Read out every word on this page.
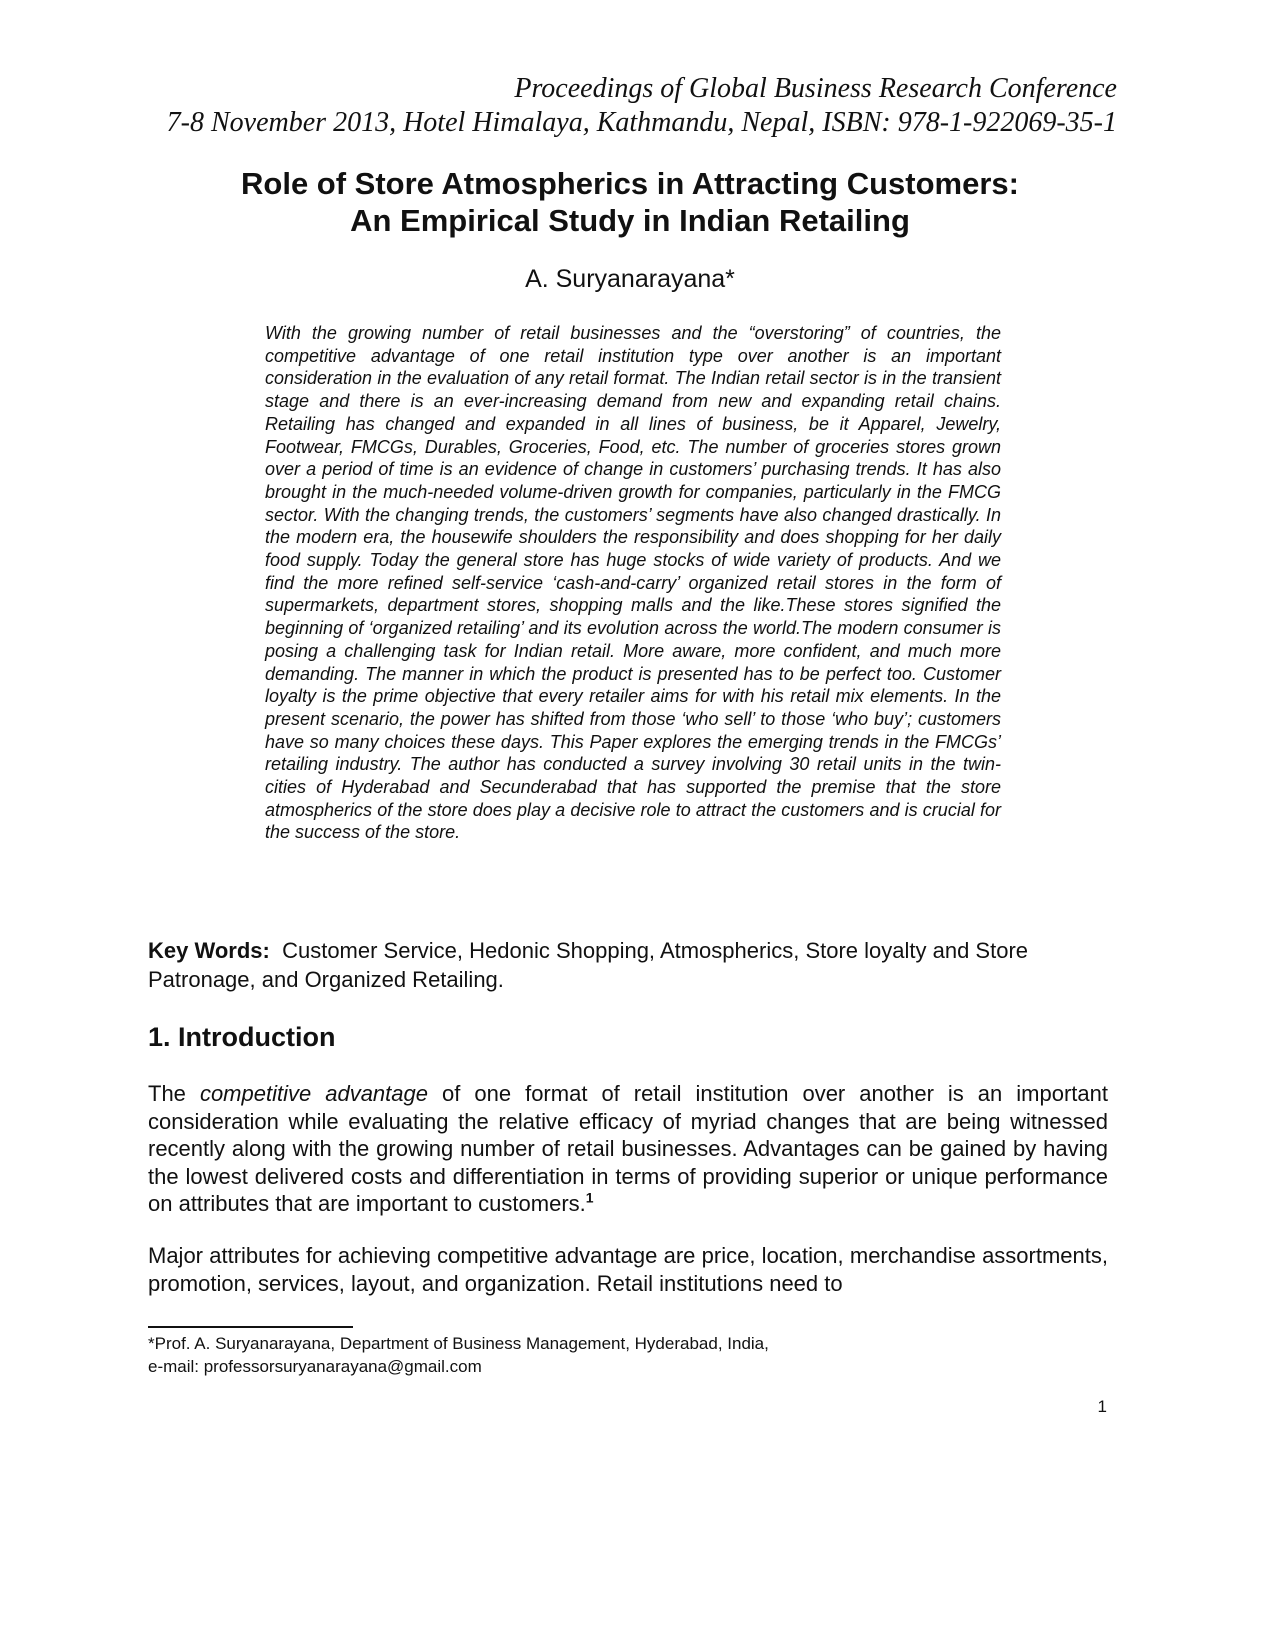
Proceedings of Global Business Research Conference
7-8 November 2013, Hotel Himalaya, Kathmandu, Nepal, ISBN: 978-1-922069-35-1
Role of Store Atmospherics in Attracting Customers:
An Empirical Study in Indian Retailing
A. Suryanarayana*

With the growing number of retail businesses and the “overstoring” of countries, the competitive advantage of one retail institution type over another is an important consideration in the evaluation of any retail format. The Indian retail sector is in the transient stage and there is an ever-increasing demand from new and expanding retail chains. Retailing has changed and expanded in all lines of business, be it Apparel, Jewelry, Footwear, FMCGs, Durables, Groceries, Food, etc. The number of groceries stores grown over a period of time is an evidence of change in customers’ purchasing trends. It has also brought in the much-needed volume-driven growth for companies, particularly in the FMCG sector. With the changing trends, the customers’ segments have also changed drastically. In the modern era, the housewife shoulders the responsibility and does shopping for her daily food supply. Today the general store has huge stocks of wide variety of products. And we find the more refined self-service ‘cash-and-carry’ organized retail stores in the form of supermarkets, department stores, shopping malls and the like.These stores signified the beginning of ‘organized retailing’ and its evolution across the world.The modern consumer is posing a challenging task for Indian retail. More aware, more confident, and much more demanding. The manner in which the product is presented has to be perfect too. Customer loyalty is the prime objective that every retailer aims for with his retail mix elements. In the present scenario, the power has shifted from those ‘who sell’ to those ‘who buy’; customers have so many choices these days. This Paper explores the emerging trends in the FMCGs’ retailing industry. The author has conducted a survey involving 30 retail units in the twin-cities of Hyderabad and Secunderabad that has supported the premise that the store atmospherics of the store does play a decisive role to attract the customers and is crucial for the success of the store.

Key Words: Customer Service, Hedonic Shopping, Atmospherics, Store loyalty and Store Patronage, and Organized Retailing.

1. Introduction

The competitive advantage of one format of retail institution over another is an important consideration while evaluating the relative efficacy of myriad changes that are being witnessed recently along with the growing number of retail businesses. Advantages can be gained by having the lowest delivered costs and differentiation in terms of providing superior or unique performance on attributes that are important to customers.$^1$

Major attributes for achieving competitive advantage are price, location, merchandise assortments, promotion, services, layout, and organization. Retail institutions need to

*Prof. A. Suryanarayana, Department of Business Management, Hyderabad, India,
e-mail: professorsuryanarayana@gmail.com
1
